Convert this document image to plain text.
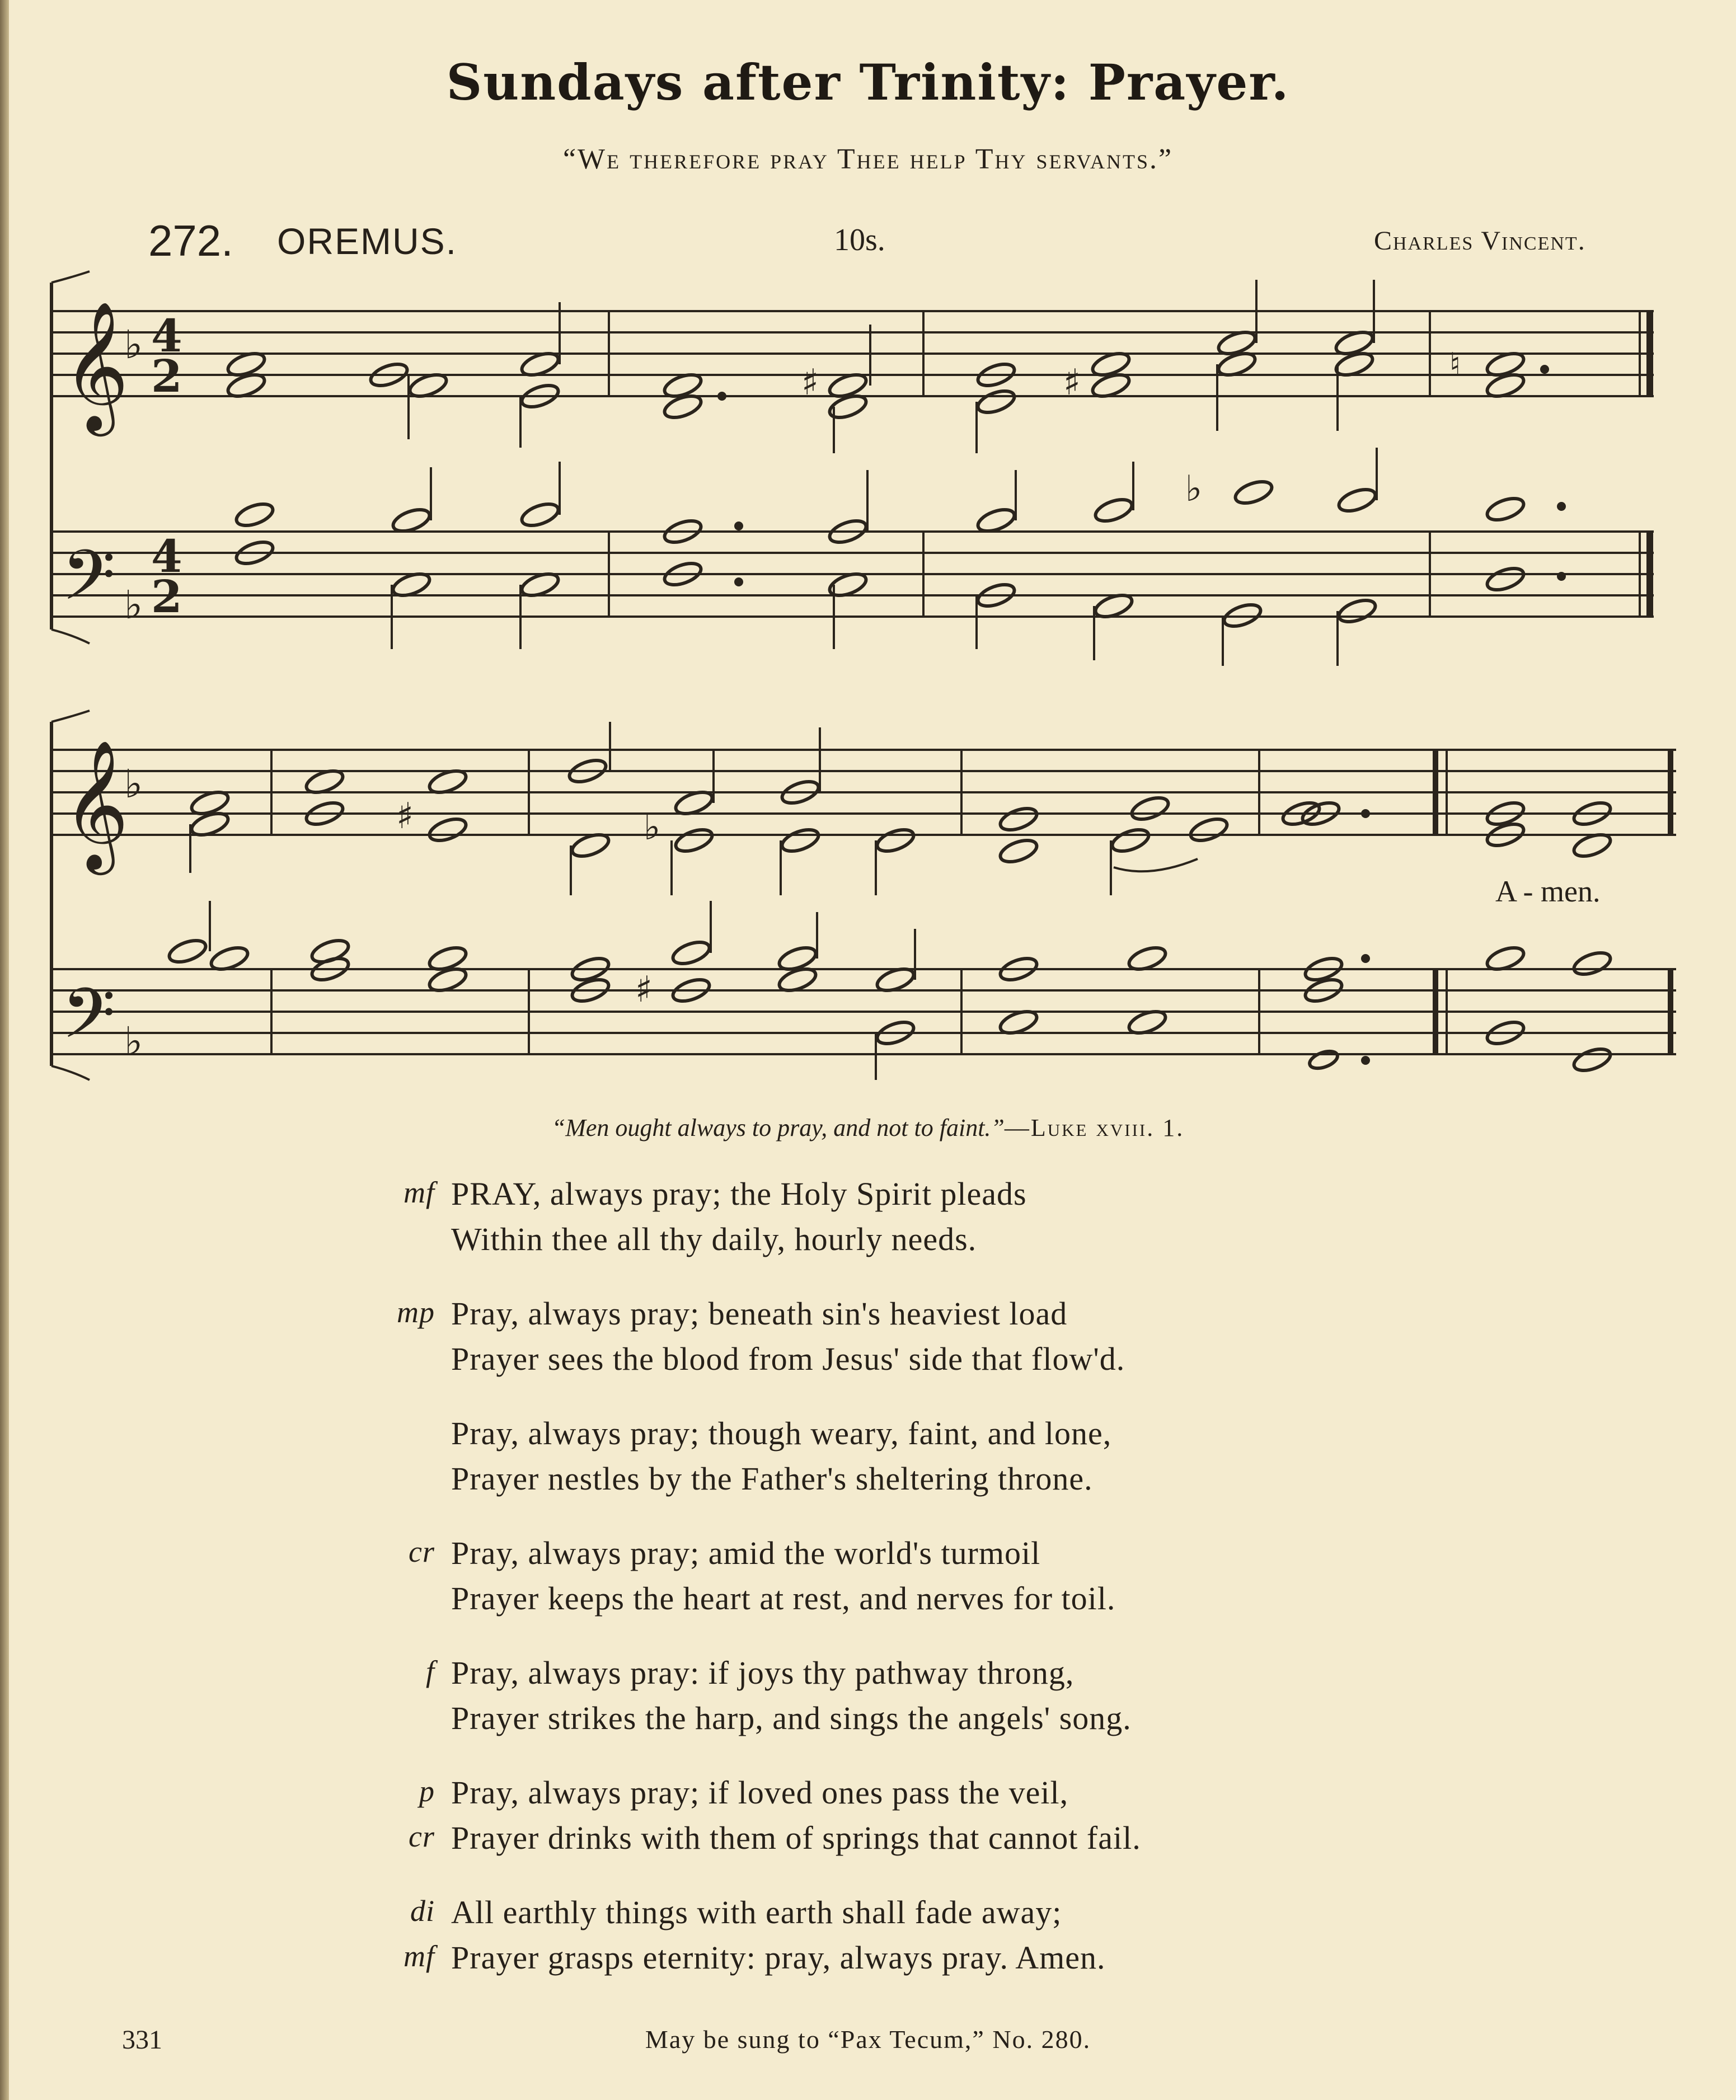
Sundays after Trinity: Prayer.
“We therefore pray Thee help Thy servants.”
272. OREMUS.	10s.	Charles Vincent.
𝄞
𝄢
𝄞
𝄢
♭
♭
♭
♭
4
2
4
2
♯	♯	♮
♭
♯	♭
♯
A - men.
“Men ought always to pray, and not to faint.”—Luke xviii. 1.
mf PRAY, always pray; the Holy Spirit pleads
Within thee all thy daily, hourly needs.
mp Pray, always pray; beneath sin's heaviest load
Prayer sees the blood from Jesus' side that flow'd.
Pray, always pray; though weary, faint, and lone,
Prayer nestles by the Father's sheltering throne.
cr Pray, always pray; amid the world's turmoil
Prayer keeps the heart at rest, and nerves for toil.
f Pray, always pray: if joys thy pathway throng,
Prayer strikes the harp, and sings the angels' song.
p Pray, always pray; if loved ones pass the veil,
cr Prayer drinks with them of springs that cannot fail.
di All earthly things with earth shall fade away;
mf Prayer grasps eternity: pray, always pray. Amen.
331	May be sung to “Pax Tecum,” No. 280.
